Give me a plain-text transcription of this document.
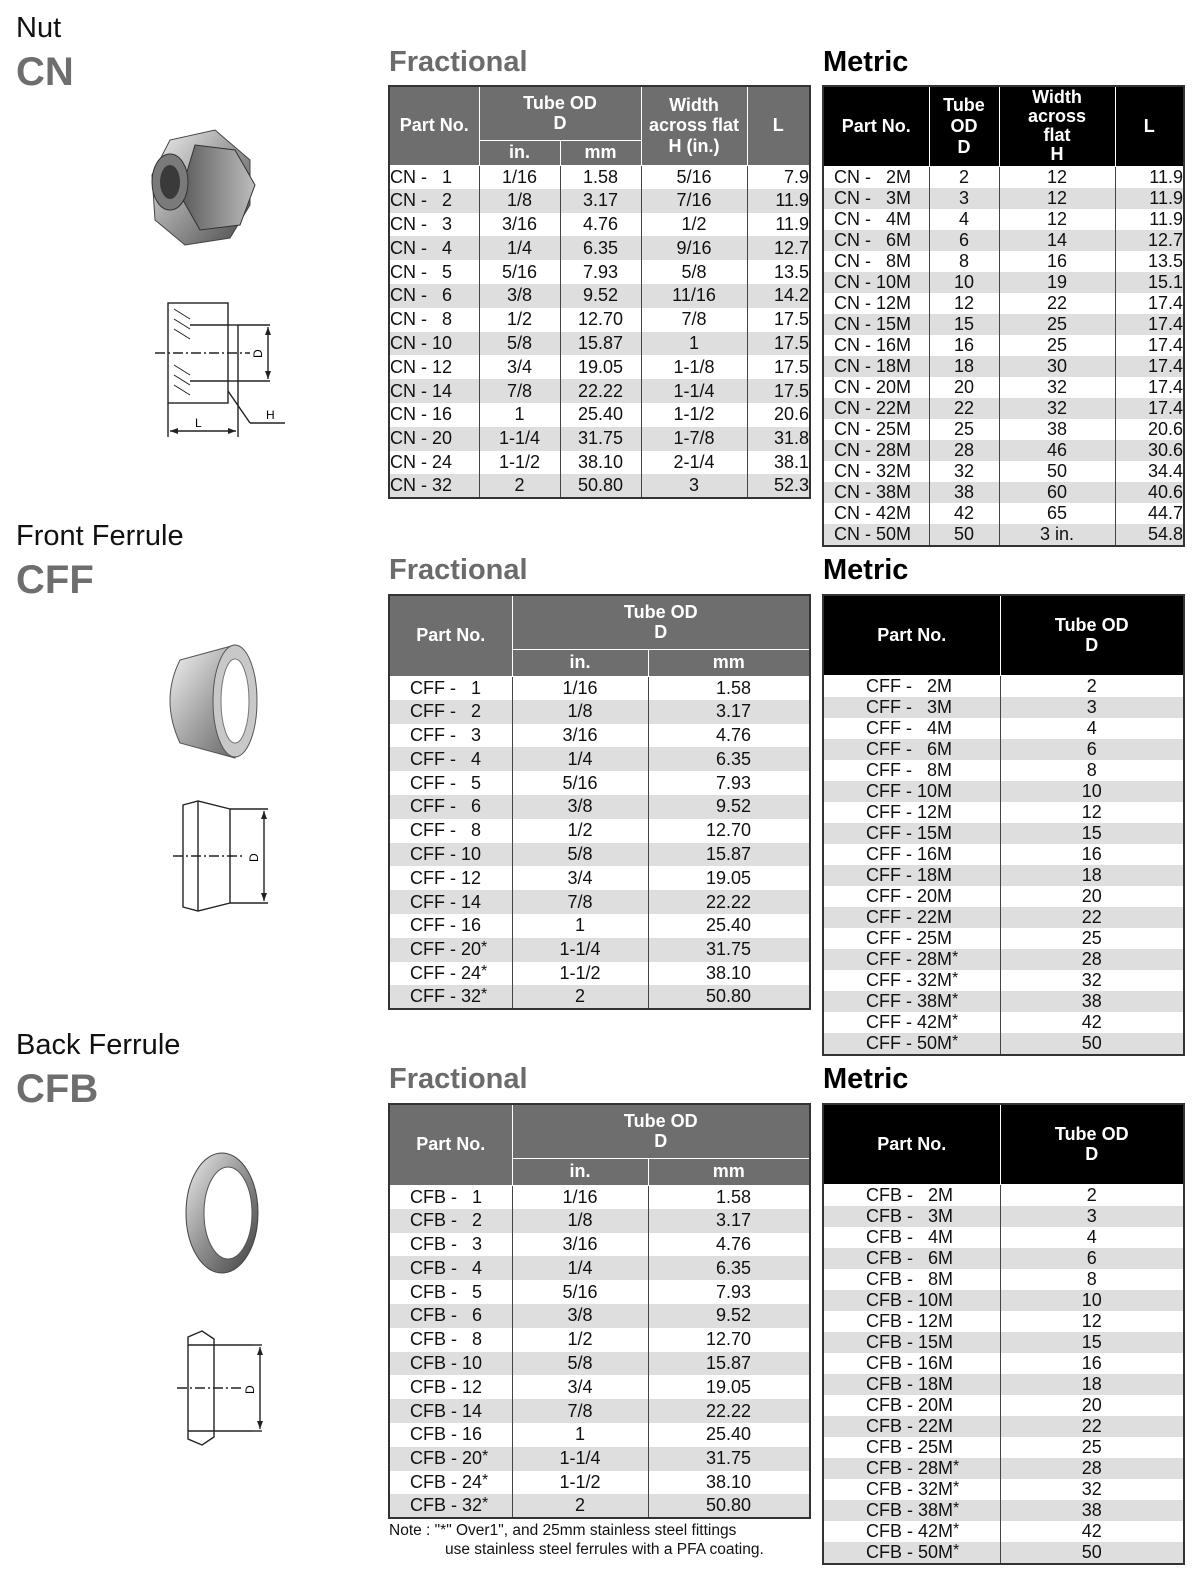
Nut
CN
D
L
H
Fractional	Metric
Part No.	Tube OD
D		Width
across flat
H (in.)	L
	in.	mm		
CN -   1	1/16	1.58	5/16	7.9
CN -   2	1/8	3.17	7/16	11.9
CN -   3	3/16	4.76	1/2	11.9
CN -   4	1/4	6.35	9/16	12.7
CN -   5	5/16	7.93	5/8	13.5
CN -   6	3/8	9.52	11/16	14.2
CN -   8	1/2	12.70	7/8	17.5
CN - 10	5/8	15.87	1	17.5
CN - 12	3/4	19.05	1-1/8	17.5
CN - 14	7/8	22.22	1-1/4	17.5
CN - 16	1	25.40	1-1/2	20.6
CN - 20	1-1/4	31.75	1-7/8	31.8
CN - 24	1-1/2	38.10	2-1/4	38.1
CN - 32	2	50.80	3	52.3
Part No.	Tube
OD
D	Width
across
flat
H	L
CN -   2M	2	12	11.9
CN -   3M	3	12	11.9
CN -   4M	4	12	11.9
CN -   6M	6	14	12.7
CN -   8M	8	16	13.5
CN - 10M	10	19	15.1
CN - 12M	12	22	17.4
CN - 15M	15	25	17.4
CN - 16M	16	25	17.4
CN - 18M	18	30	17.4
CN - 20M	20	32	17.4
CN - 22M	22	32	17.4
CN - 25M	25	38	20.6
CN - 28M	28	46	30.6
CN - 32M	32	50	34.4
CN - 38M	38	60	40.6
CN - 42M	42	65	44.7
CN - 50M	50	3 in.	54.8
Front Ferrule
CFF
D
Fractional	Metric
Part No.	Tube OD
D	
	in.	mm
CFF -   1	1/16	1.58
CFF -   2	1/8	3.17
CFF -   3	3/16	4.76
CFF -   4	1/4	6.35
CFF -   5	5/16	7.93
CFF -   6	3/8	9.52
CFF -   8	1/2	12.70
CFF - 10	5/8	15.87
CFF - 12	3/4	19.05
CFF - 14	7/8	22.22
CFF - 16	1	25.40
CFF - 20*	1-1/4	31.75
CFF - 24*	1-1/2	38.10
CFF - 32*	2	50.80
Part No.	Tube OD
D
CFF -   2M	2
CFF -   3M	3
CFF -   4M	4
CFF -   6M	6
CFF -   8M	8
CFF - 10M	10
CFF - 12M	12
CFF - 15M	15
CFF - 16M	16
CFF - 18M	18
CFF - 20M	20
CFF - 22M	22
CFF - 25M	25
CFF - 28M*	28
CFF - 32M*	32
CFF - 38M*	38
CFF - 42M*	42
CFF - 50M*	50
Back Ferrule
CFB
D
Fractional	Metric
Part No.	Tube OD
D	
	in.	mm
CFB -   1	1/16	1.58
CFB -   2	1/8	3.17
CFB -   3	3/16	4.76
CFB -   4	1/4	6.35
CFB -   5	5/16	7.93
CFB -   6	3/8	9.52
CFB -   8	1/2	12.70
CFB - 10	5/8	15.87
CFB - 12	3/4	19.05
CFB - 14	7/8	22.22
CFB - 16	1	25.40
CFB - 20*	1-1/4	31.75
CFB - 24*	1-1/2	38.10
CFB - 32*	2	50.80
Part No.	Tube OD
D
CFB -   2M	2
CFB -   3M	3
CFB -   4M	4
CFB -   6M	6
CFB -   8M	8
CFB - 10M	10
CFB - 12M	12
CFB - 15M	15
CFB - 16M	16
CFB - 18M	18
CFB - 20M	20
CFB - 22M	22
CFB - 25M	25
CFB - 28M*	28
CFB - 32M*	32
CFB - 38M*	38
CFB - 42M*	42
CFB - 50M*	50
Note : "*" Over1", and 25mm stainless steel fittings
use stainless steel ferrules with a PFA coating.
